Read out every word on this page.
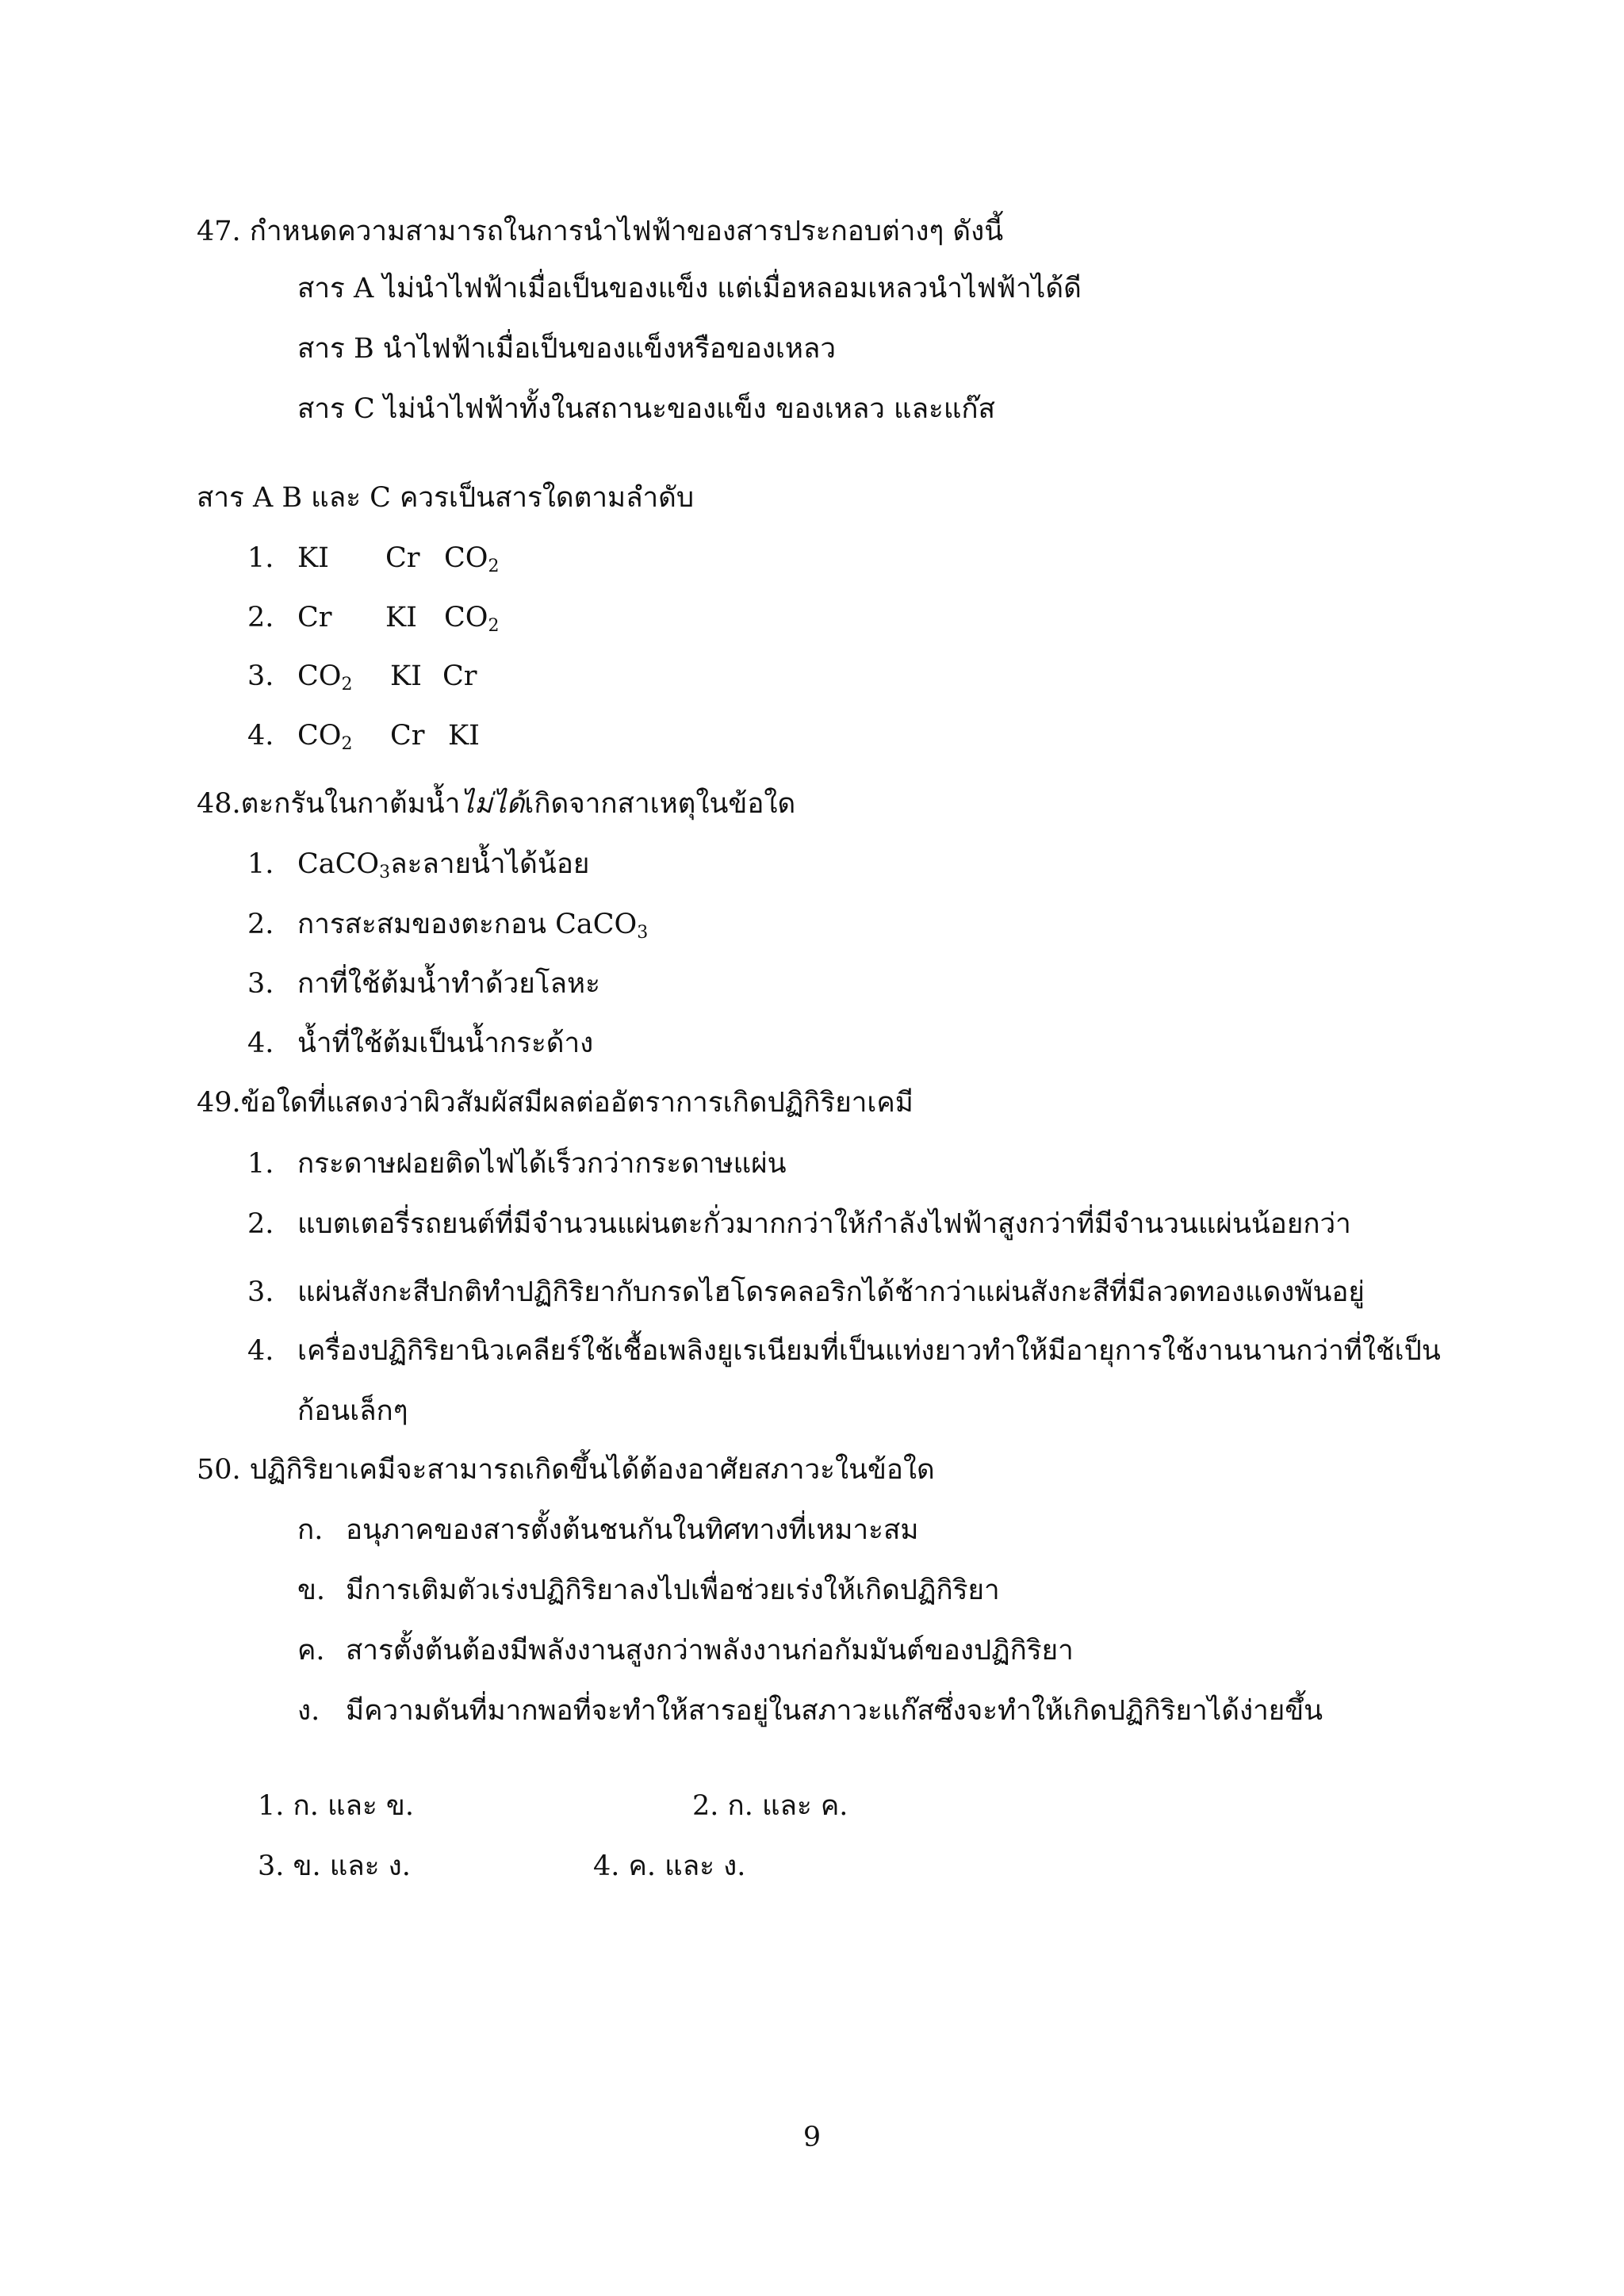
47. กำหนดความสามารถในการนำไฟฟ้าของสารประกอบต่างๆ ดังนี้
สาร A ไม่นำไฟฟ้าเมื่อเป็นของแข็ง แต่เมื่อหลอมเหลวนำไฟฟ้าได้ดี
สาร B นำไฟฟ้าเมื่อเป็นของแข็งหรือของเหลว
สาร C ไม่นำไฟฟ้าทั้งในสถานะของแข็ง ของเหลว และแก๊ส
สาร A B และ C ควรเป็นสารใดตามลำดับ
1. KI Cr $CO_2$
2. Cr KI $CO_2$
3. $CO_2$ KI Cr
4. $CO_2$ Cr KI
48.ตะกรันในกาต้มน้ำไม่ได้เกิดจากสาเหตุในข้อใด
1. CaCO$_3$ละลายน้ำได้น้อย
2. การสะสมของตะกอน CaCO$_3$
3. กาที่ใช้ต้มน้ำทำด้วยโลหะ
4. น้ำที่ใช้ต้มเป็นน้ำกระด้าง
49.ข้อใดที่แสดงว่าผิวสัมผัสมีผลต่ออัตราการเกิดปฏิกิริยาเคมี
1. กระดาษฝอยติดไฟได้เร็วกว่ากระดาษแผ่น
2. แบตเตอรี่รถยนต์ที่มีจำนวนแผ่นตะกั่วมากกว่าให้กำลังไฟฟ้าสูงกว่าที่มีจำนวนแผ่นน้อยกว่า
3. แผ่นสังกะสีปกติทำปฏิกิริยากับกรดไฮโดรคลอริกได้ช้ากว่าแผ่นสังกะสีที่มีลวดทองแดงพันอยู่
4. เครื่องปฏิกิริยานิวเคลียร์ใช้เชื้อเพลิงยูเรเนียมที่เป็นแท่งยาวทำให้มีอายุการใช้งานนานกว่าที่ใช้เป็น
ก้อนเล็กๆ
50. ปฏิกิริยาเคมีจะสามารถเกิดขึ้นได้ต้องอาศัยสภาวะในข้อใด
ก. อนุภาคของสารตั้งต้นชนกันในทิศทางที่เหมาะสม
ข. มีการเติมตัวเร่งปฏิกิริยาลงไปเพื่อช่วยเร่งให้เกิดปฏิกิริยา
ค. สารตั้งต้นต้องมีพลังงานสูงกว่าพลังงานก่อกัมมันต์ของปฏิกิริยา
ง. มีความดันที่มากพอที่จะทำให้สารอยู่ในสภาวะแก๊สซึ่งจะทำให้เกิดปฏิกิริยาได้ง่ายขึ้น
1. ก. และ ข.	2. ก. และ ค.
3. ข. และ ง.	4. ค. และ ง.
9
